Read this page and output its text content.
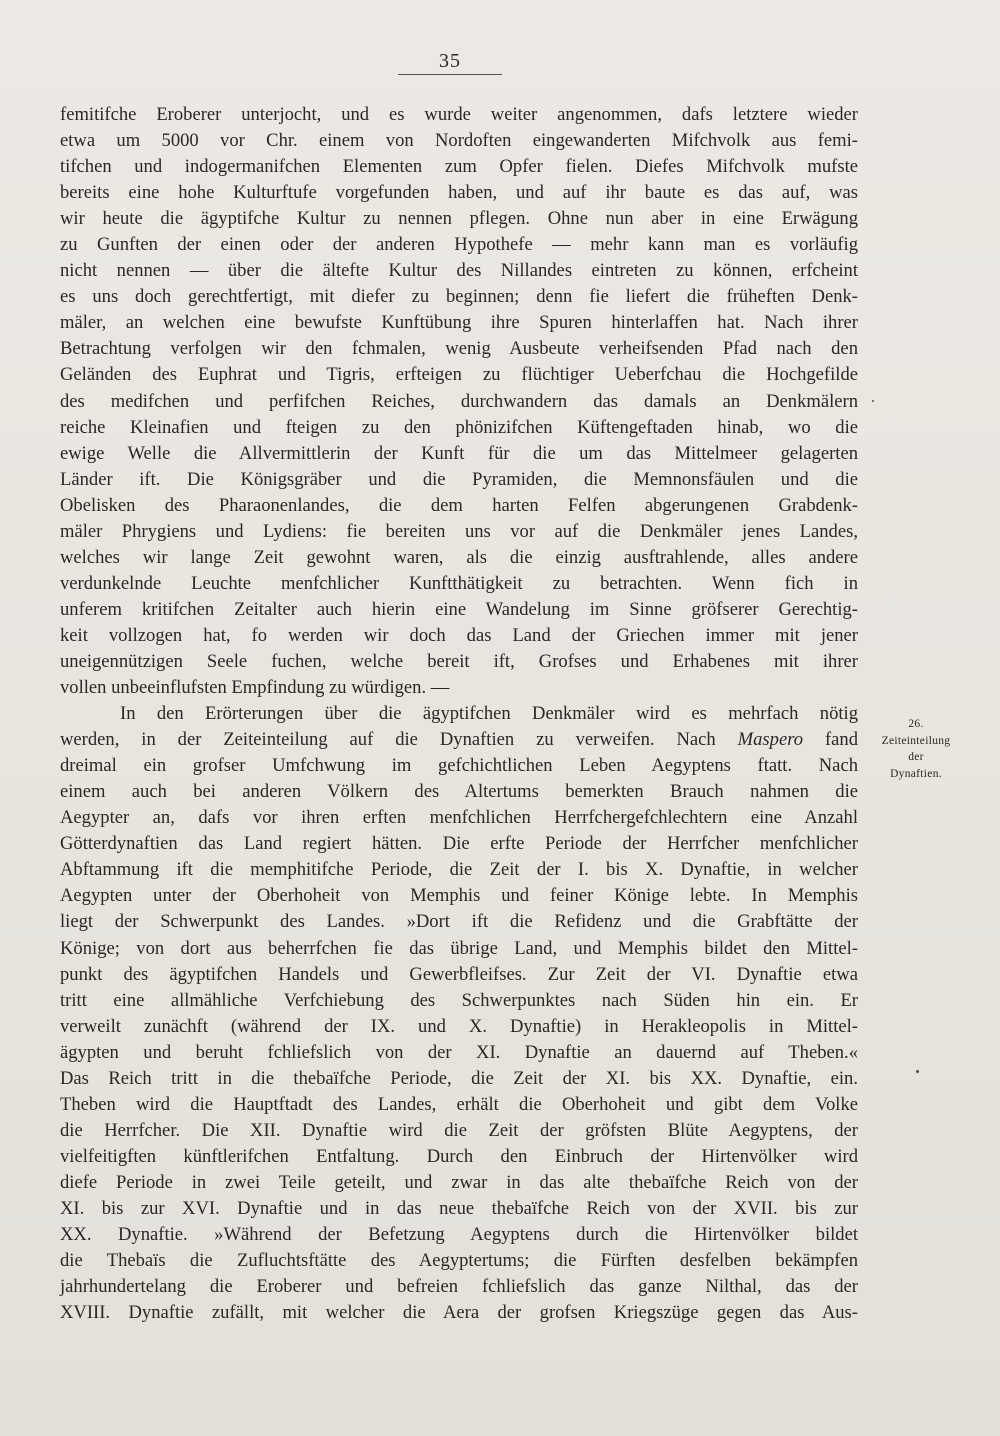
35
femitifche Eroberer unterjocht, und es wurde weiter angenommen, dafs letztere wieder
etwa um 5000 vor Chr. einem von Nordoften eingewanderten Mifchvolk aus femi-
tifchen und indogermanifchen Elementen zum Opfer fielen. Diefes Mifchvolk mufste
bereits eine hohe Kulturftufe vorgefunden haben, und auf ihr baute es das auf, was
wir heute die ägyptifche Kultur zu nennen pflegen. Ohne nun aber in eine Erwägung
zu Gunften der einen oder der anderen Hypothefe — mehr kann man es vorläufig
nicht nennen — über die ältefte Kultur des Nillandes eintreten zu können, erfcheint
es uns doch gerechtfertigt, mit diefer zu beginnen; denn fie liefert die früheften Denk-
mäler, an welchen eine bewufste Kunftübung ihre Spuren hinterlaffen hat. Nach ihrer
Betrachtung verfolgen wir den fchmalen, wenig Ausbeute verheifsenden Pfad nach den
Geländen des Euphrat und Tigris, erfteigen zu flüchtiger Ueberfchau die Hochgefilde
des medifchen und perfifchen Reiches, durchwandern das damals an Denkmälern
reiche Kleinafien und fteigen zu den phönizifchen Küftengeftaden hinab, wo die
ewige Welle die Allvermittlerin der Kunft für die um das Mittelmeer gelagerten
Länder ift. Die Königsgräber und die Pyramiden, die Memnonsfäulen und die
Obelisken des Pharaonenlandes, die dem harten Felfen abgerungenen Grabdenk-
mäler Phrygiens und Lydiens: fie bereiten uns vor auf die Denkmäler jenes Landes,
welches wir lange Zeit gewohnt waren, als die einzig ausftrahlende, alles andere
verdunkelnde Leuchte menfchlicher Kunftthätigkeit zu betrachten. Wenn fich in
unferem kritifchen Zeitalter auch hierin eine Wandelung im Sinne gröfserer Gerechtig-
keit vollzogen hat, fo werden wir doch das Land der Griechen immer mit jener
uneigennützigen Seele fuchen, welche bereit ift, Grofses und Erhabenes mit ihrer
vollen unbeeinflufsten Empfindung zu würdigen. —
In den Erörterungen über die ägyptifchen Denkmäler wird es mehrfach nötig
werden, in der Zeiteinteilung auf die Dynaftien zu verweifen. Nach Maspero fand
dreimal ein grofser Umfchwung im gefchichtlichen Leben Aegyptens ftatt. Nach
einem auch bei anderen Völkern des Altertums bemerkten Brauch nahmen die
Aegypter an, dafs vor ihren erften menfchlichen Herrfchergefchlechtern eine Anzahl
Götterdynaftien das Land regiert hätten. Die erfte Periode der Herrfcher menfchlicher
Abftammung ift die memphitifche Periode, die Zeit der I. bis X. Dynaftie, in welcher
Aegypten unter der Oberhoheit von Memphis und feiner Könige lebte. In Memphis
liegt der Schwerpunkt des Landes. »Dort ift die Refidenz und die Grabftätte der
Könige; von dort aus beherrfchen fie das übrige Land, und Memphis bildet den Mittel-
punkt des ägyptifchen Handels und Gewerbfleifses. Zur Zeit der VI. Dynaftie etwa
tritt eine allmähliche Verfchiebung des Schwerpunktes nach Süden hin ein. Er
verweilt zunächft (während der IX. und X. Dynaftie) in Herakleopolis in Mittel-
ägypten und beruht fchliefslich von der XI. Dynaftie an dauernd auf Theben.«
Das Reich tritt in die thebaïfche Periode, die Zeit der XI. bis XX. Dynaftie, ein.
Theben wird die Hauptftadt des Landes, erhält die Oberhoheit und gibt dem Volke
die Herrfcher. Die XII. Dynaftie wird die Zeit der gröfsten Blüte Aegyptens, der
vielfeitigften künftlerifchen Entfaltung. Durch den Einbruch der Hirtenvölker wird
diefe Periode in zwei Teile geteilt, und zwar in das alte thebaïfche Reich von der
XI. bis zur XVI. Dynaftie und in das neue thebaïfche Reich von der XVII. bis zur
XX. Dynaftie. »Während der Befetzung Aegyptens durch die Hirtenvölker bildet
die Thebaïs die Zufluchtsftätte des Aegyptertums; die Fürften desfelben bekämpfen
jahrhundertelang die Eroberer und befreien fchliefslich das ganze Nilthal, das der
XVIII. Dynaftie zufällt, mit welcher die Aera der grofsen Kriegszüge gegen das Aus-
26.
Zeiteinteilung
der
Dynaftien.
